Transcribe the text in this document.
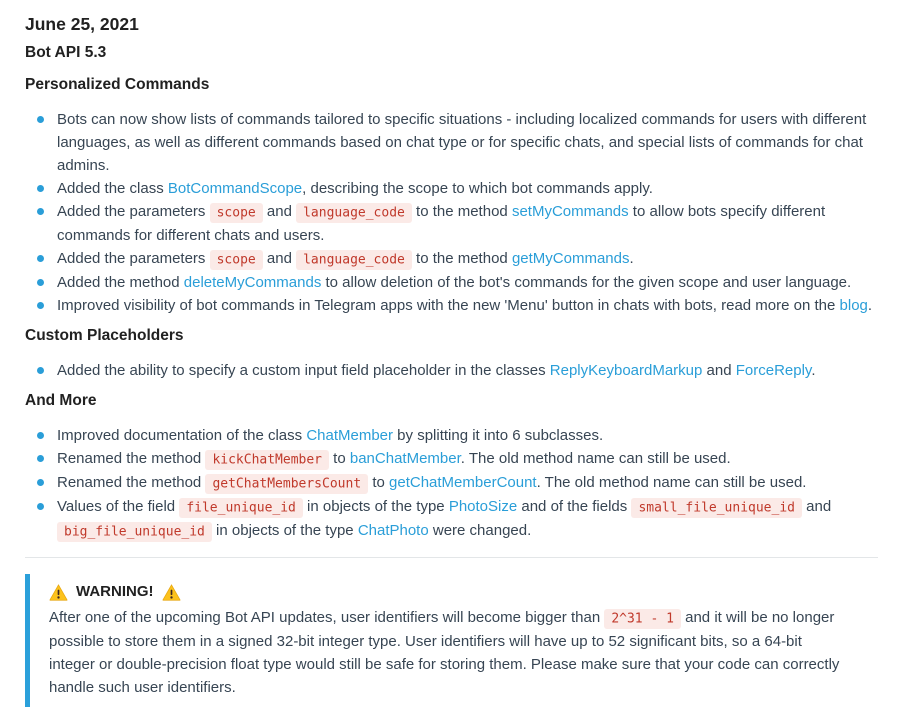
June 25, 2021
Bot API 5.3
Personalized Commands
Bots can now show lists of commands tailored to specific situations - including localized commands for users with different languages, as well as different commands based on chat type or for specific chats, and special lists of commands for chat admins.
Added the class BotCommandScope, describing the scope to which bot commands apply.
Added the parameters scope and language_code to the method setMyCommands to allow bots specify different commands for different chats and users.
Added the parameters scope and language_code to the method getMyCommands.
Added the method deleteMyCommands to allow deletion of the bot's commands for the given scope and user language.
Improved visibility of bot commands in Telegram apps with the new 'Menu' button in chats with bots, read more on the blog.
Custom Placeholders
Added the ability to specify a custom input field placeholder in the classes ReplyKeyboardMarkup and ForceReply.
And More
Improved documentation of the class ChatMember by splitting it into 6 subclasses.
Renamed the method kickChatMember to banChatMember. The old method name can still be used.
Renamed the method getChatMembersCount to getChatMemberCount. The old method name can still be used.
Values of the field file_unique_id in objects of the type PhotoSize and of the fields small_file_unique_id and big_file_unique_id in objects of the type ChatPhoto were changed.

WARNING!

After one of the upcoming Bot API updates, user identifiers will become bigger than 2^31 - 1 and it will be no longer possible to store them in a signed 32-bit integer type. User identifiers will have up to 52 significant bits, so a 64-bit integer or double-precision float type would still be safe for storing them. Please make sure that your code can correctly handle such user identifiers.
